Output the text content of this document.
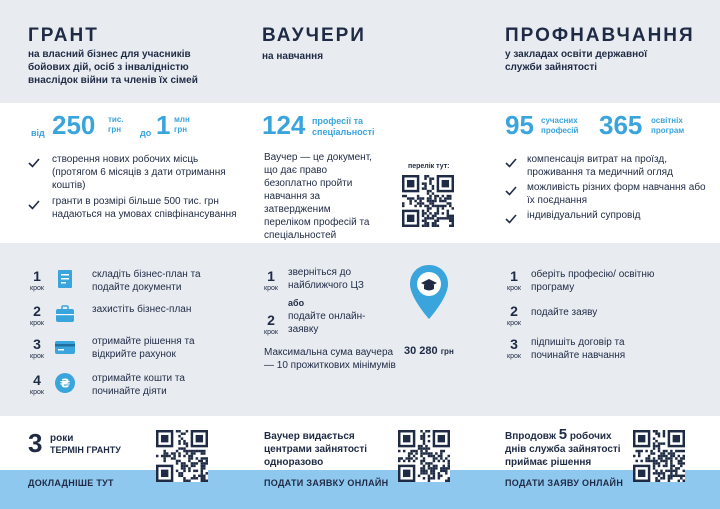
ГРАНТ
на власний бізнес для учасників бойових дій, осіб з інвалідністю внаслідок війни та членів їх сімей
від 250 тис. грн	до 1 млн грн
створення нових робочих місць (протягом 6 місяців з дати отримання коштів)
гранти в розмірі більше 500 тис. грн надаються на умовах співфінансування
1
крок
складіть бізнес-план та подайте документи
2
крок
захистіть бізнес-план
3
крок
отримайте рішення та відкрийте рахунок
4
крок
₴ отримайте кошти та починайте діяти
3 роки
ТЕРМІН ГРАНТУ
ДОКЛАДНІШЕ ТУТ
ВАУЧЕРИ
на навчання
124 професії та спеціальності
Ваучер — це документ, що дає право безоплатно пройти навчання за затвердженим переліком професій та спеціальностей
перелік тут:
1
крок
зверніться до найближчого ЦЗ
або
2
крок
подайте онлайн-заявку
Максимальна сума ваучера — 10 прожиткових мінімумів
30 280 грн
Ваучер видається центрами зайнятості одноразово
ПОДАТИ ЗАЯВКУ ОНЛАЙН
ПРОФНАВЧАННЯ
у закладах освіти державної служби зайнятості
95 сучасних професій 365 освітніх програм
компенсація витрат на проїзд, проживання та медичний огляд
можливість різних форм навчання або їх поєднання
індивідуальний супровід
1
крок
оберіть професію/ освітню програму
2
крок
подайте заяву
3
крок
підпишіть договір та починайте навчання
Впродовж 5 робочих днів служба зайнятості приймає рішення
ПОДАТИ ЗАЯВУ ОНЛАЙН
